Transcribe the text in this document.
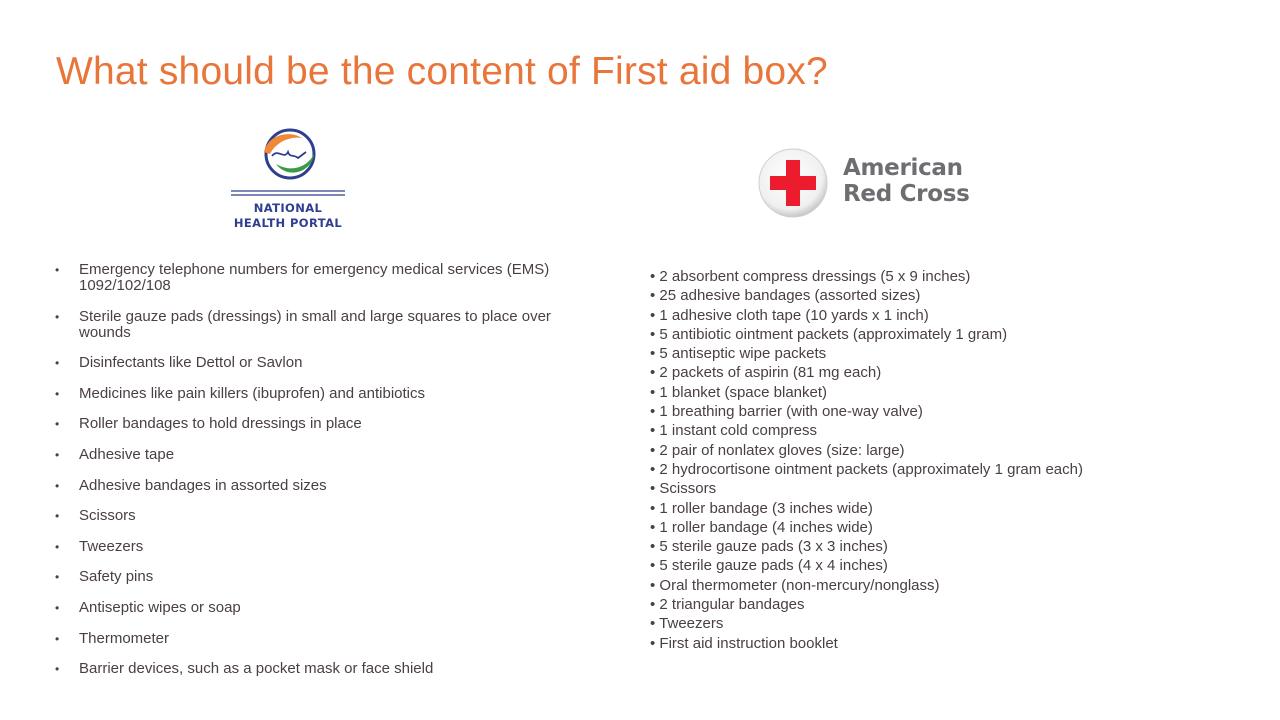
What should be the content of First aid box?
NATIONAL
HEALTH PORTAL
American
Red Cross
• Emergency telephone numbers for emergency medical services (EMS) 1092/102/108
• Sterile gauze pads (dressings) in small and large squares to place over wounds
• Disinfectants like Dettol or Savlon
• Medicines like pain killers (ibuprofen) and antibiotics
• Roller bandages to hold dressings in place
• Adhesive tape
• Adhesive bandages in assorted sizes
• Scissors
• Tweezers
• Safety pins
• Antiseptic wipes or soap
• Thermometer
• Barrier devices, such as a pocket mask or face shield
• 2 absorbent compress dressings (5 x 9 inches)
• 25 adhesive bandages (assorted sizes)
• 1 adhesive cloth tape (10 yards x 1 inch)
• 5 antibiotic ointment packets (approximately 1 gram)
• 5 antiseptic wipe packets
• 2 packets of aspirin (81 mg each)
• 1 blanket (space blanket)
• 1 breathing barrier (with one-way valve)
• 1 instant cold compress
• 2 pair of nonlatex gloves (size: large)
• 2 hydrocortisone ointment packets (approximately 1 gram each)
• Scissors
• 1 roller bandage (3 inches wide)
• 1 roller bandage (4 inches wide)
• 5 sterile gauze pads (3 x 3 inches)
• 5 sterile gauze pads (4 x 4 inches)
• Oral thermometer (non-mercury/nonglass)
• 2 triangular bandages
• Tweezers
• First aid instruction booklet
